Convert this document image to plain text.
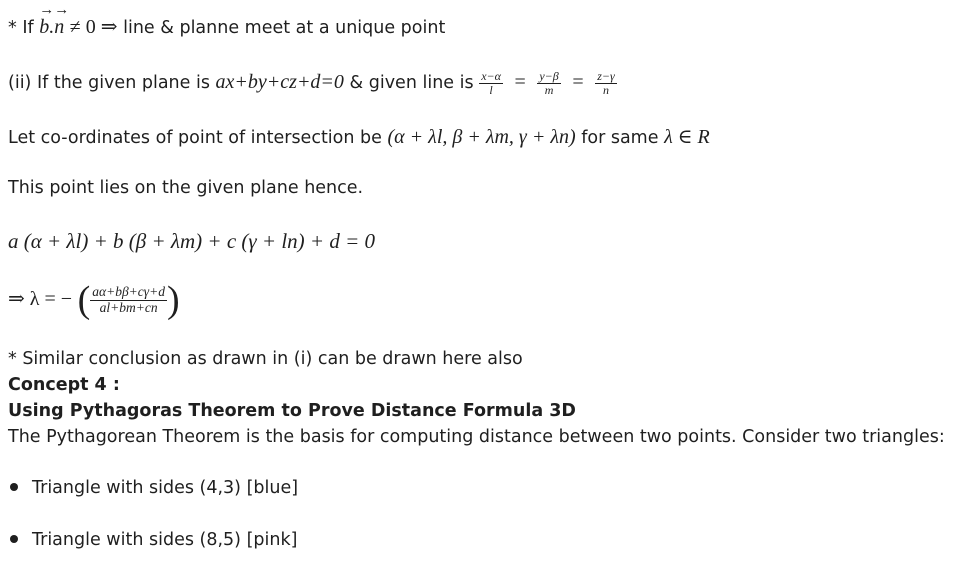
* If → b.→ n ≠ 0 ⇒ line & planne meet at a unique point
(ii) If the given plane is ax+by+cz+d=0 & given line is $\frac{x-\alpha}{l} = \frac{y-\beta}{m} = \frac{z-\gamma}{n}$
Let co-ordinates of point of intersection be (α + λl, β + λm, γ + λn) for same λ ∈ R
This point lies on the given plane hence.
a (α + λl) + b (β + λm) + c (γ + ln) + d = 0
⇒ λ = − ( $\frac{a\alpha+b\beta+c\gamma+d}{al+bm+cn}$ )
* Similar conclusion as drawn in (i) can be drawn here also
Concept 4 :
Using Pythagoras Theorem to Prove Distance Formula 3D
The Pythagorean Theorem is the basis for computing distance between two points. Consider two triangles:
Triangle with sides (4,3) [blue]
Triangle with sides (8,5) [pink]
